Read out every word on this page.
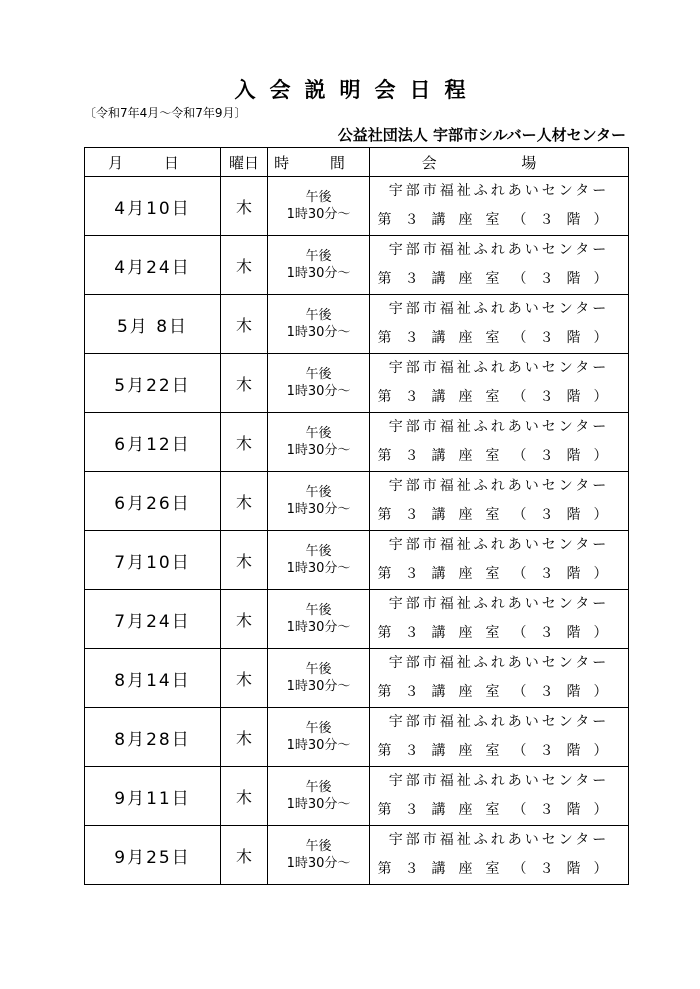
入会説明会日程
〔令和7年4月～令和7年9月〕
公益社団法人 宇部市シルバー人材センター
月 日	曜日	時 間	会 場
4月10日	木	午後
1時30分～	宇部市福祉ふれあいセンター
第３講座室（３階）

4月24日	木	午後
1時30分～	宇部市福祉ふれあいセンター
第３講座室（３階）

5月 8日	木	午後
1時30分～	宇部市福祉ふれあいセンター
第３講座室（３階）

5月22日	木	午後
1時30分～	宇部市福祉ふれあいセンター
第３講座室（３階）

6月12日	木	午後
1時30分～	宇部市福祉ふれあいセンター
第３講座室（３階）

6月26日	木	午後
1時30分～	宇部市福祉ふれあいセンター
第３講座室（３階）

7月10日	木	午後
1時30分～	宇部市福祉ふれあいセンター
第３講座室（３階）

7月24日	木	午後
1時30分～	宇部市福祉ふれあいセンター
第３講座室（３階）

8月14日	木	午後
1時30分～	宇部市福祉ふれあいセンター
第３講座室（３階）

8月28日	木	午後
1時30分～	宇部市福祉ふれあいセンター
第３講座室（３階）

9月11日	木	午後
1時30分～	宇部市福祉ふれあいセンター
第３講座室（３階）

9月25日	木	午後
1時30分～	宇部市福祉ふれあいセンター
第３講座室（３階）
